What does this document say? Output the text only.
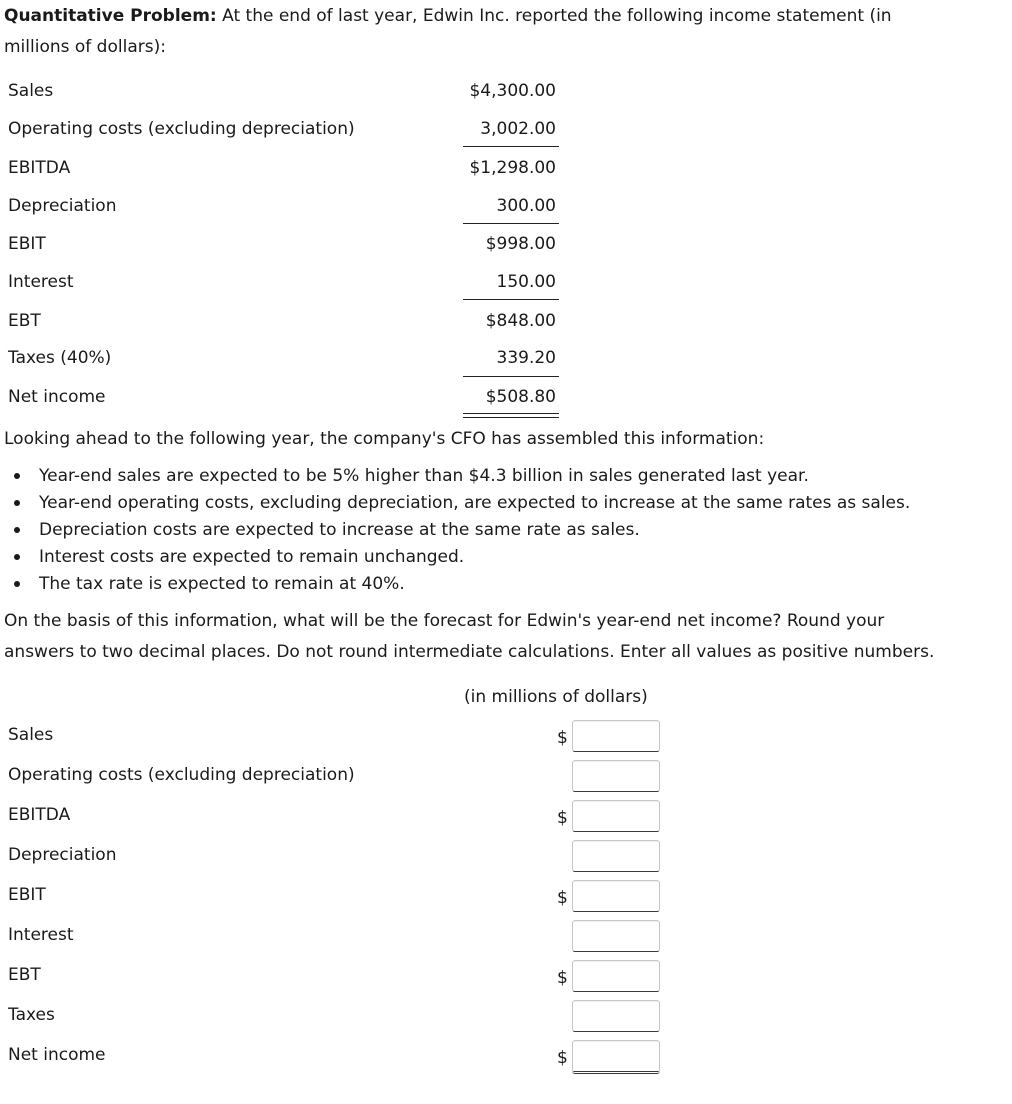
Quantitative Problem: At the end of last year, Edwin Inc. reported the following income statement (in
millions of dollars):
Sales	$4,300.00
Operating costs (excluding depreciation)	3,002.00
EBITDA	$1,298.00
Depreciation	300.00
EBIT	$998.00
Interest	150.00
EBT	$848.00
Taxes (40%)	339.20
Net income	$508.80
Looking ahead to the following year, the company's CFO has assembled this information:
Year-end sales are expected to be 5% higher than $4.3 billion in sales generated last year.
Year-end operating costs, excluding depreciation, are expected to increase at the same rates as sales.
Depreciation costs are expected to increase at the same rate as sales.
Interest costs are expected to remain unchanged.
The tax rate is expected to remain at 40%.
On the basis of this information, what will be the forecast for Edwin's year-end net income? Round your
answers to two decimal places. Do not round intermediate calculations. Enter all values as positive numbers.
(in millions of dollars)
Sales	$
Operating costs (excluding depreciation)
EBITDA	$
Depreciation
EBIT	$
Interest
EBT	$
Taxes
Net income	$
